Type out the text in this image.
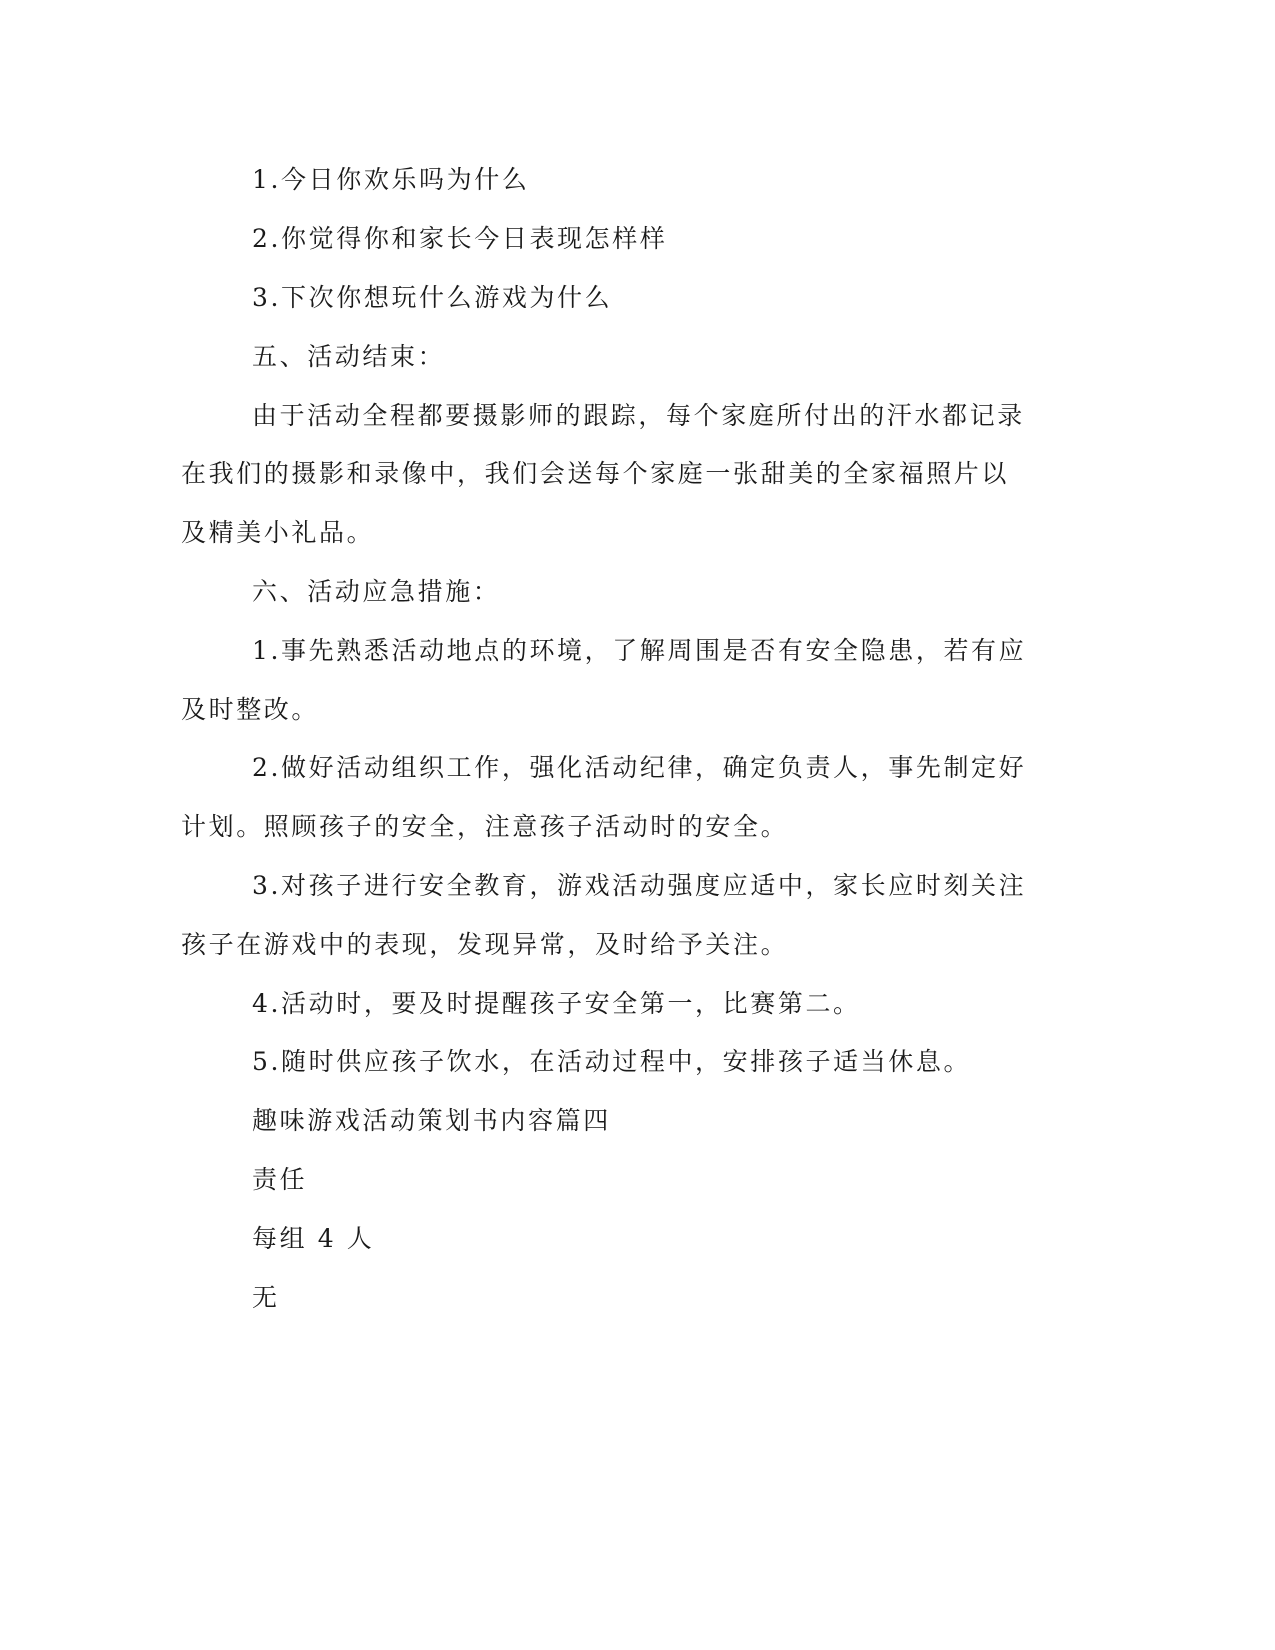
1.今日你欢乐吗为什么
2.你觉得你和家长今日表现怎样样
3.下次你想玩什么游戏为什么
五、活动结束：
由于活动全程都要摄影师的跟踪，每个家庭所付出的汗水都记录
在我们的摄影和录像中，我们会送每个家庭一张甜美的全家福照片以
及精美小礼品。
六、活动应急措施：
1.事先熟悉活动地点的环境，了解周围是否有安全隐患，若有应
及时整改。
2.做好活动组织工作，强化活动纪律，确定负责人，事先制定好
计划。照顾孩子的安全，注意孩子活动时的安全。
3.对孩子进行安全教育，游戏活动强度应适中，家长应时刻关注
孩子在游戏中的表现，发现异常，及时给予关注。
4.活动时，要及时提醒孩子安全第一，比赛第二。
5.随时供应孩子饮水，在活动过程中，安排孩子适当休息。
趣味游戏活动策划书内容篇四
责任
每组 4 人
无
